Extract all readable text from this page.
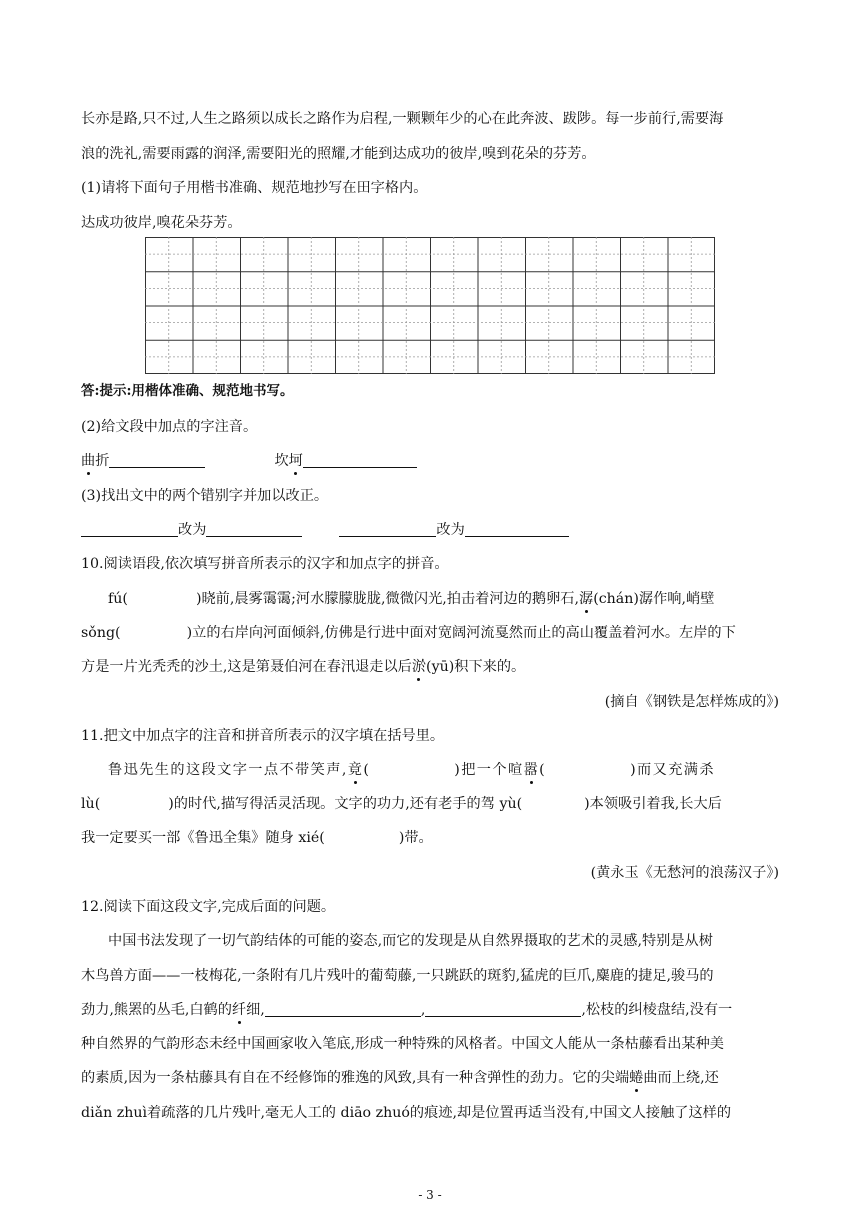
长亦是路,只不过,人生之路须以成长之路作为启程,一颗颗年少的心在此奔波、跋陟。每一步前行,需要海
浪的洗礼,需要雨露的润泽,需要阳光的照耀,才能到达成功的彼岸,嗅到花朵的芬芳。
(1)请将下面句子用楷书准确、规范地抄写在田字格内。
达成功彼岸,嗅花朵芬芳。
答:提示:用楷体准确、规范地书写。
(2)给文段中加点的字注音。
曲折	坎坷
(3)找出文中的两个错别字并加以改正。
改为	改为
10.阅读语段,依次填写拼音所表示的汉字和加点字的拼音。
fú(	)晓前,晨雾霭霭;河水朦朦胧胧,微微闪光,拍击着河边的鹅卵石,潺(chán)潺作响,峭壁
sǒng(	)立的右岸向河面倾斜,仿佛是行进中面对宽阔河流戛然而止的高山覆盖着河水。左岸的下
方是一片光秃秃的沙土,这是第聂伯河在春汛退走以后淤(yū)积下来的。
(摘自《钢铁是怎样炼成的》)
11.把文中加点字的注音和拼音所表示的汉字填在括号里。
鲁迅先生的这段文字一点不带笑声,竟(	)把一个喧嚣(	)而又充满杀
lù(	)的时代,描写得活灵活现。文字的功力,还有老手的驾 yù(	)本领吸引着我,长大后
我一定要买一部《鲁迅全集》随身 xié(	)带。
(黄永玉《无愁河的浪荡汉子》)
12.阅读下面这段文字,完成后面的问题。
中国书法发现了一切气韵结体的可能的姿态,而它的发现是从自然界摄取的艺术的灵感,特别是从树
木鸟兽方面——一枝梅花,一条附有几片残叶的葡萄藤,一只跳跃的斑豹,猛虎的巨爪,麋鹿的捷足,骏马的
劲力,熊罴的丛毛,白鹤的纤细,	,	,松枝的纠棱盘结,没有一
种自然界的气韵形态未经中国画家收入笔底,形成一种特殊的风格者。中国文人能从一条枯藤看出某种美
的素质,因为一条枯藤具有自在不经修饰的雅逸的风致,具有一种含弹性的劲力。它的尖端蜷曲而上绕,还
diǎn zhuì着疏落的几片残叶,毫无人工的 diāo zhuó的痕迹,却是位置再适当没有,中国文人接触了这样的
- 3 -
